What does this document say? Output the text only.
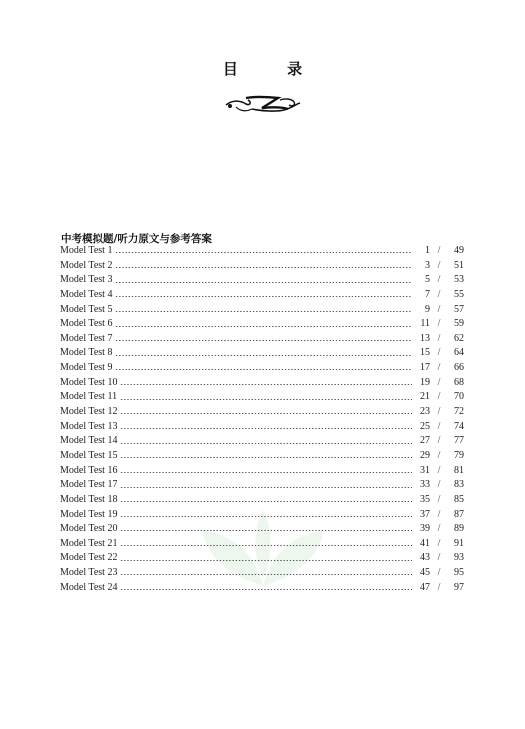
目 录
中考模拟题/听力原文与参考答案
Model Test 1	1 /	49
Model Test 2	3 /	51
Model Test 3	5 /	53
Model Test 4	7 /	55
Model Test 5	9 /	57
Model Test 6	11 /	59
Model Test 7	13 /	62
Model Test 8	15 /	64
Model Test 9	17 /	66
Model Test 10	19 /	68
Model Test 11	21 /	70
Model Test 12	23 /	72
Model Test 13	25 /	74
Model Test 14	27 /	77
Model Test 15	29 /	79
Model Test 16	31 /	81
Model Test 17	33 /	83
Model Test 18	35 /	85
Model Test 19	37 /	87
Model Test 20	39 /	89
Model Test 21	41 /	91
Model Test 22	43 /	93
Model Test 23	45 /	95
Model Test 24	47 /	97
